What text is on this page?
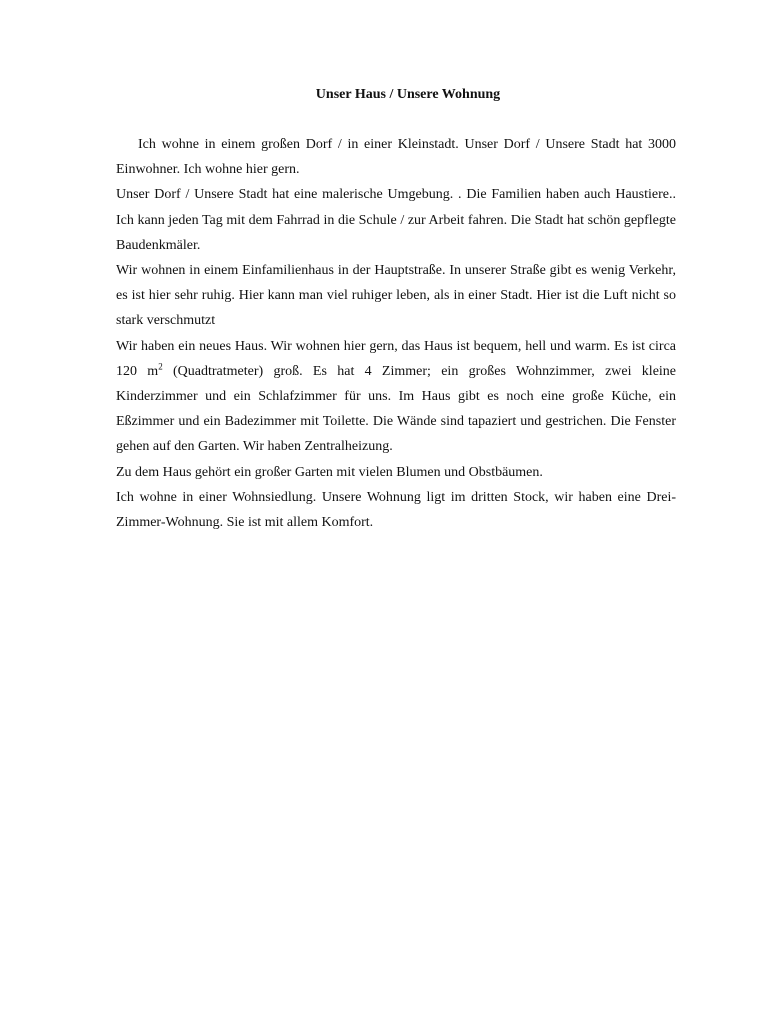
Unser Haus / Unsere Wohnung

Ich wohne in einem großen Dorf / in einer Kleinstadt. Unser Dorf / Unsere Stadt hat 3000 Einwohner. Ich wohne hier gern.

Unser Dorf / Unsere Stadt hat eine malerische Umgebung. . Die Familien haben auch Haustiere.. Ich kann jeden Tag mit dem Fahrrad in die Schule / zur Arbeit fahren. Die Stadt hat schön gepflegte Baudenkmäler.

Wir wohnen in einem Einfamilienhaus in der Hauptstraße. In unserer Straße gibt es wenig Verkehr, es ist hier sehr ruhig. Hier kann man viel ruhiger leben, als in einer Stadt. Hier ist die Luft nicht so stark verschmutzt

Wir haben ein neues Haus. Wir wohnen hier gern, das Haus ist bequem, hell und warm. Es ist circa 120 $m^2$ (Quadtratmeter) groß. Es hat 4 Zimmer; ein großes Wohnzimmer, zwei kleine Kinderzimmer und ein Schlafzimmer für uns. Im Haus gibt es noch eine große Küche, ein Eßzimmer und ein Badezimmer mit Toilette. Die Wände sind tapaziert und gestrichen. Die Fenster gehen auf den Garten. Wir haben Zentralheizung.

Zu dem Haus gehört ein großer Garten mit vielen Blumen und Obstbäumen.

Ich wohne in einer Wohnsiedlung. Unsere Wohnung ligt im dritten Stock, wir haben eine Drei-Zimmer-Wohnung. Sie ist mit allem Komfort.
